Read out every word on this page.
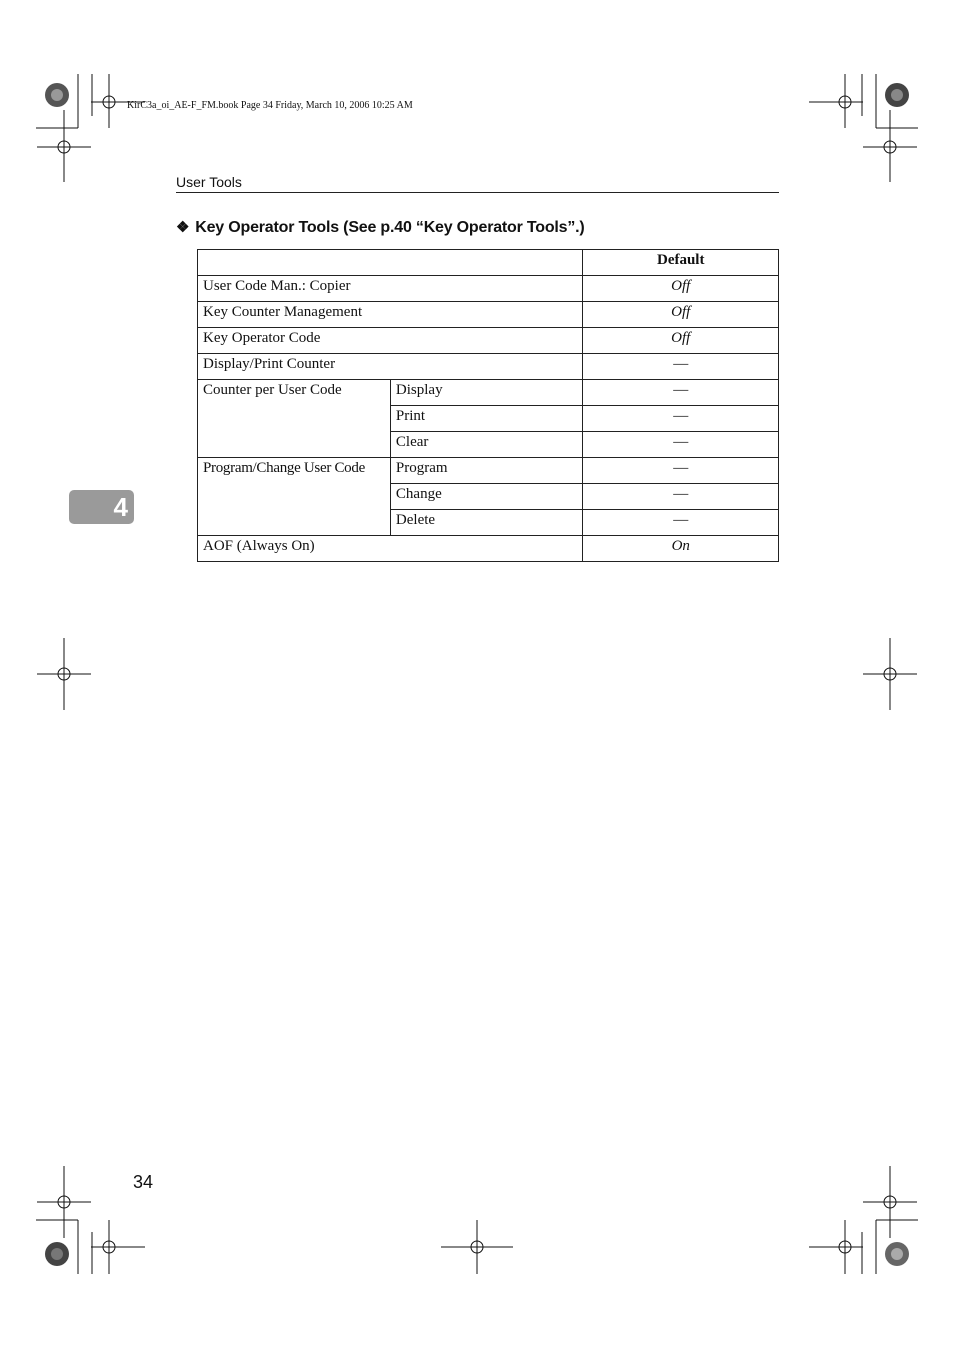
KirC3a_oi_AE-F_FM.book Page 34 Friday, March 10, 2006 10:25 AM
User Tools
❖ Key Operator Tools (See p.40 “Key Operator Tools”.)
		Default
User Code Man.: Copier		Off
Key Counter Management		Off
Key Operator Code		Off
Display/Print Counter		—
Counter per User Code	Display	—
	Print	—
	Clear	—
Program/Change User Code	Program	—
	Change	—
	Delete	—
AOF (Always On)		On
4
34
